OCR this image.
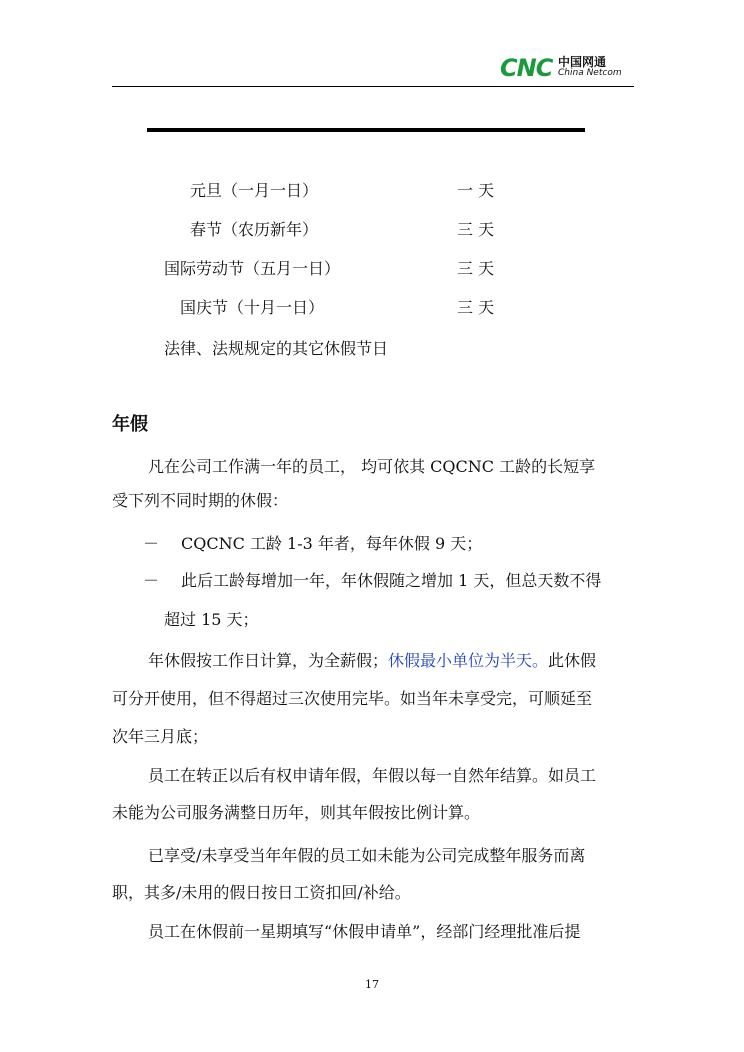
CNC 中国网通
China Netcom
元旦（一月一日）	一 天
春节（农历新年）	三 天
国际劳动节（五月一日）	三 天
国庆节（十月一日）	三 天
法律、法规规定的其它休假节日
年假
凡在公司工作满一年的员工， 均可依其 CQCNC 工龄的长短享
受下列不同时期的休假：
－ CQCNC 工龄 1-3 年者，每年休假 9 天；
－ 此后工龄每增加一年，年休假随之增加 1 天，但总天数不得
超过 15 天；
年休假按工作日计算，为全薪假；休假最小单位为半天。此休假
可分开使用，但不得超过三次使用完毕。如当年未享受完，可顺延至
次年三月底；
员工在转正以后有权申请年假，年假以每一自然年结算。如员工
未能为公司服务满整日历年，则其年假按比例计算。
已享受/未享受当年年假的员工如未能为公司完成整年服务而离
职，其多/未用的假日按日工资扣回/补给。
员工在休假前一星期填写“休假申请单”，经部门经理批准后提
17
